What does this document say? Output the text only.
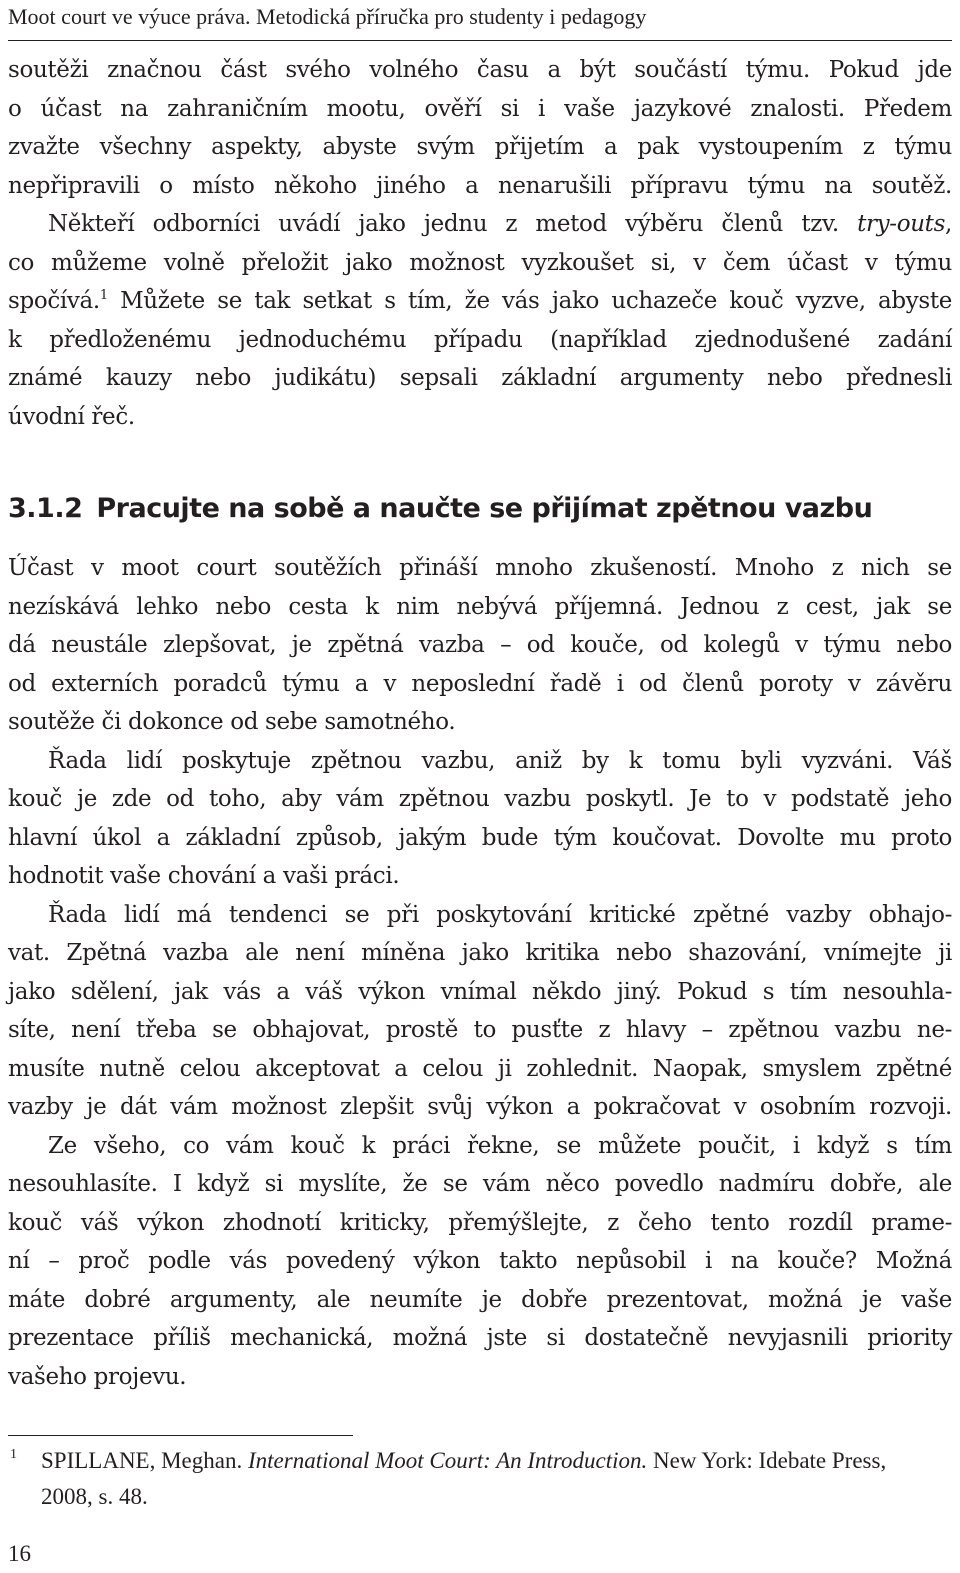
Moot court ve výuce práva. Metodická příručka pro studenty i pedagogy

soutěži značnou část svého volného času a být součástí týmu. Pokud jde
o účast na zahraničním mootu, ověří si i vaše jazykové znalosti. Předem
zvažte všechny aspekty, abyste svým přijetím a pak vystoupením z týmu
nepřipravili o místo někoho jiného a nenarušili přípravu týmu na soutěž.
Někteří odborníci uvádí jako jednu z metod výběru členů tzv. try-outs,
co můžeme volně přeložit jako možnost vyzkoušet si, v čem účast v týmu
spočívá.$^1$ Můžete se tak setkat s tím, že vás jako uchazeče kouč vyzve, abyste
k předloženému jednoduchému případu (například zjednodušené zadání
známé kauzy nebo judikátu) sepsali základní argumenty nebo přednesli
úvodní řeč.

3.1.2 Pracujte na sobě a naučte se přijímat zpětnou vazbu
Účast v moot court soutěžích přináší mnoho zkušeností. Mnoho z nich se
nezískává lehko nebo cesta k nim nebývá příjemná. Jednou z cest, jak se
dá neustále zlepšovat, je zpětná vazba – od kouče, od kolegů v týmu nebo
od externích poradců týmu a v neposlední řadě i od členů poroty v závěru
soutěže či dokonce od sebe samotného.
Řada lidí poskytuje zpětnou vazbu, aniž by k tomu byli vyzváni. Váš
kouč je zde od toho, aby vám zpětnou vazbu poskytl. Je to v podstatě jeho
hlavní úkol a základní způsob, jakým bude tým koučovat. Dovolte mu proto
hodnotit vaše chování a vaši práci.
Řada lidí má tendenci se při poskytování kritické zpětné vazby obhajo-
vat. Zpětná vazba ale není míněna jako kritika nebo shazování, vnímejte ji
jako sdělení, jak vás a váš výkon vnímal někdo jiný. Pokud s tím nesouhla-
síte, není třeba se obhajovat, prostě to pusťte z hlavy – zpětnou vazbu ne-
musíte nutně celou akceptovat a celou ji zohlednit. Naopak, smyslem zpětné
vazby je dát vám možnost zlepšit svůj výkon a pokračovat v osobním rozvoji.
Ze všeho, co vám kouč k práci řekne, se můžete poučit, i když s tím
nesouhlasíte. I když si myslíte, že se vám něco povedlo nadmíru dobře, ale
kouč váš výkon zhodnotí kriticky, přemýšlejte, z čeho tento rozdíl prame-
ní – proč podle vás povedený výkon takto nepůsobil i na kouče? Možná
máte dobré argumenty, ale neumíte je dobře prezentovat, možná je vaše
prezentace příliš mechanická, možná jste si dostatečně nevyjasnili priority
vašeho projevu.
1 SPILLANE, Meghan. International Moot Court: An Introduction. New York: Idebate Press,
2008, s. 48.
16
